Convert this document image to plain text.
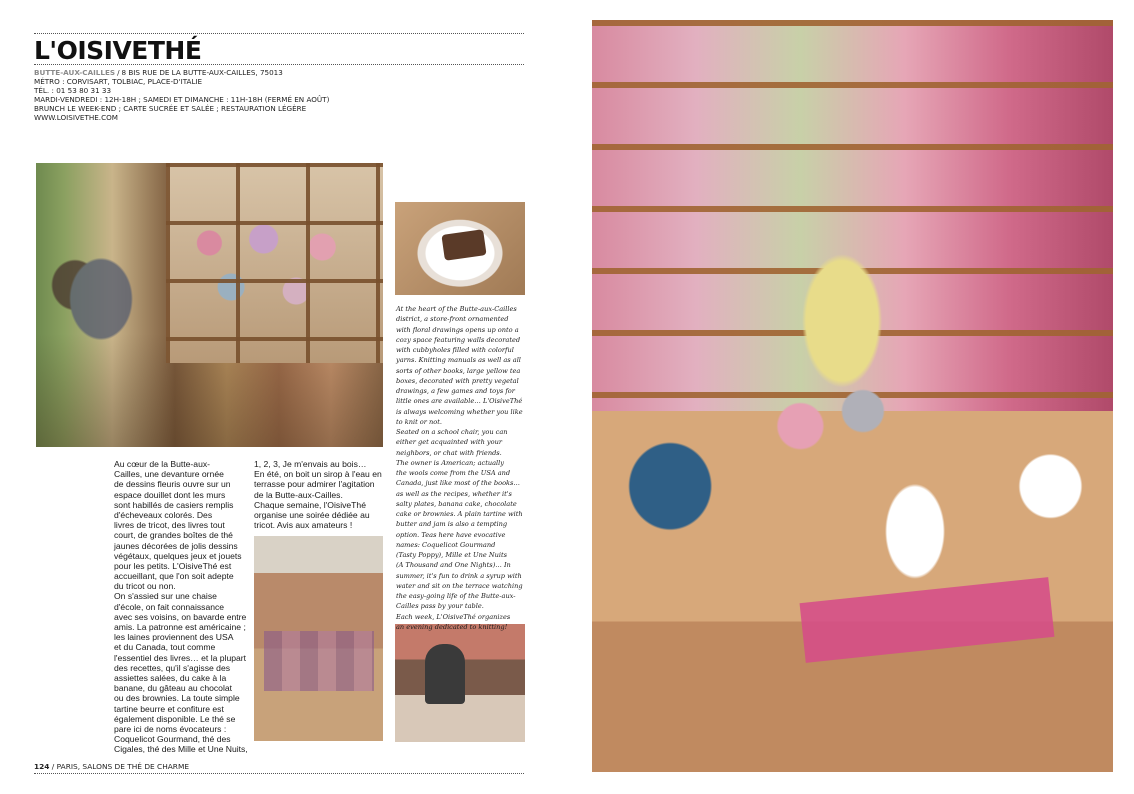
L'OISIVETHÉ
BUTTE-AUX-CAILLES / 8 BIS RUE DE LA BUTTE-AUX-CAILLES, 75013
MÉTRO : CORVISART, TOLBIAC, PLACE-D'ITALIE
TÉL. : 01 53 80 31 33
MARDI-VENDREDI : 12H-18H ; SAMEDI ET DIMANCHE : 11H-18H (FERMÉ EN AOÛT)
BRUNCH LE WEEK-END ; CARTE SUCRÉE ET SALÉE ; RESTAURATION LÉGÈRE
WWW.LOISIVETHE.COM
Au cœur de la Butte-aux-
Cailles, une devanture ornée
de dessins fleuris ouvre sur un
espace douillet dont les murs
sont habillés de casiers remplis
d'écheveaux colorés. Des
livres de tricot, des livres tout
court, de grandes boîtes de thé
jaunes décorées de jolis dessins
végétaux, quelques jeux et jouets
pour les petits. L'OisiveThé est
accueillant, que l'on soit adepte
du tricot ou non.
On s'assied sur une chaise
d'école, on fait connaissance
avec ses voisins, on bavarde entre
amis. La patronne est américaine ;
les laines proviennent des USA
et du Canada, tout comme
l'essentiel des livres… et la plupart
des recettes, qu'il s'agisse des
assiettes salées, du cake à la
banane, du gâteau au chocolat
ou des brownies. La toute simple
tartine beurre et confiture est
également disponible. Le thé se
pare ici de noms évocateurs :
Coquelicot Gourmand, thé des
Cigales, thé des Mille et Une Nuits,
1, 2, 3, Je m'envais au bois…
En été, on boit un sirop à l'eau en
terrasse pour admirer l'agitation
de la Butte-aux-Cailles.
Chaque semaine, l'OisiveThé
organise une soirée dédiée au
tricot. Avis aux amateurs !
At the heart of the Butte-aux-Cailles
district, a store-front ornamented
with floral drawings opens up onto a
cozy space featuring walls decorated
with cubbyholes filled with colorful
yarns. Knitting manuals as well as all
sorts of other books, large yellow tea
boxes, decorated with pretty vegetal
drawings, a few games and toys for
little ones are available… L'OisiveThé
is always welcoming whether you like
to knit or not.
Seated on a school chair, you can
either get acquainted with your
neighbors, or chat with friends.
The owner is American; actually
the wools come from the USA and
Canada, just like most of the books…
as well as the recipes, whether it's
salty plates, banana cake, chocolate
cake or brownies. A plain tartine with
butter and jam is also a tempting
option. Teas here have evocative
names: Coquelicot Gourmand
(Tasty Poppy), Mille et Une Nuits
(A Thousand and One Nights)… In
summer, it's fun to drink a syrup with
water and sit on the terrace watching
the easy-going life of the Butte-aux-
Cailles pass by your table.
Each week, L'OisiveThé organizes
an evening dedicated to knitting!
124 / PARIS, SALONS DE THÉ DE CHARME
